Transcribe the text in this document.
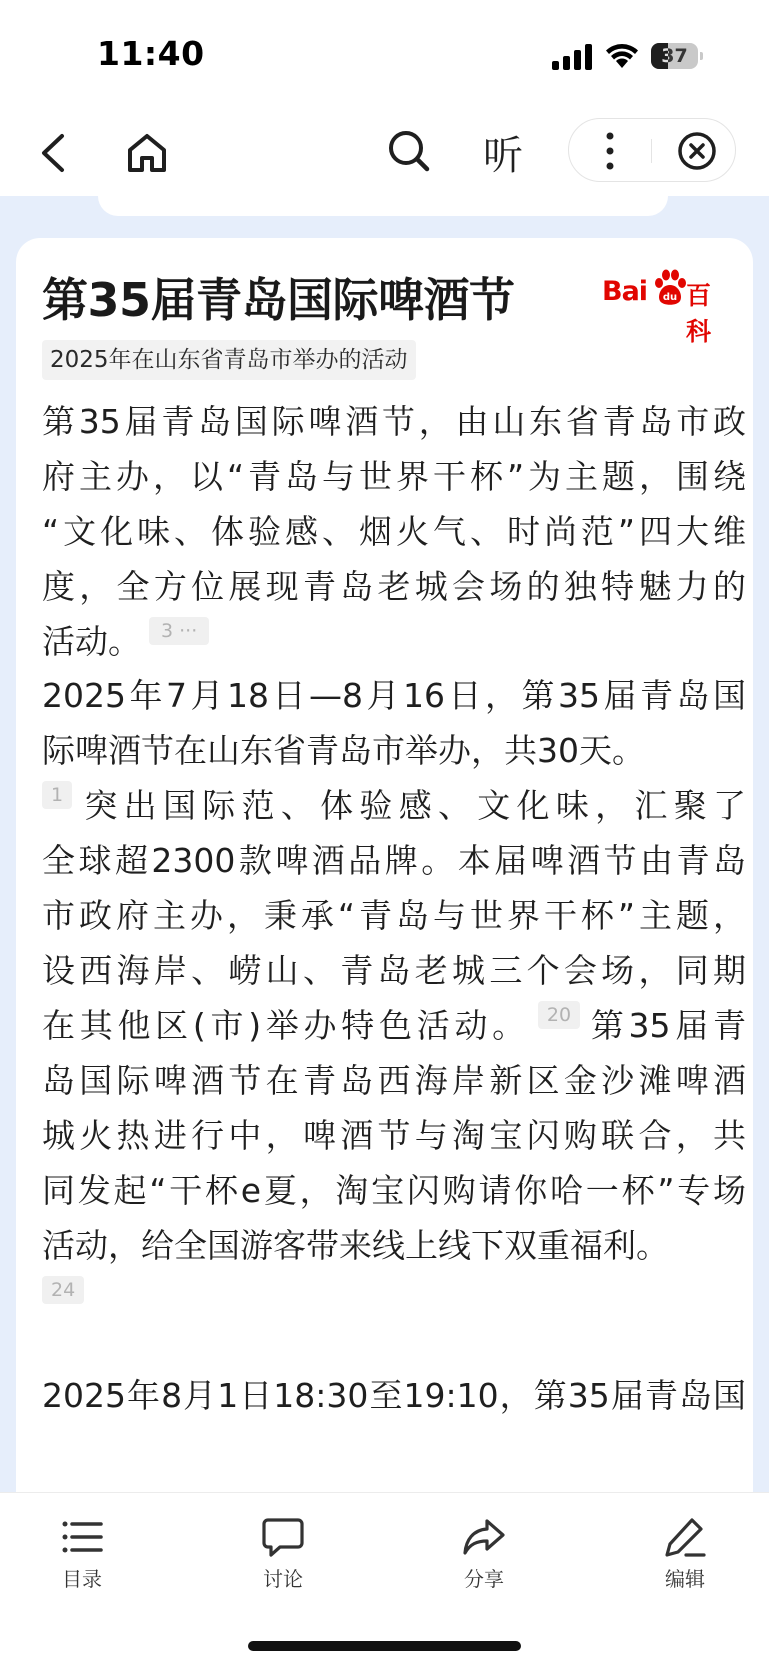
11:40	37
听
第35届青岛国际啤酒节	Bai du 百科
2025年在山东省青岛市举办的活动
第35届青岛国际啤酒节，由山东省青岛市政
府主办，以“青岛与世界干杯”为主题，围绕
“文化味、体验感、烟火气、时尚范”四大维
度，全方位展现青岛老城会场的独特魅力的
活动。 3 ···
2025年7月18日—8月16日，第35届青岛国
际啤酒节在山东省青岛市举办，共30天。
1 突出国际范、体验感、文化味，汇聚了
全球超2300款啤酒品牌。本届啤酒节由青岛
市政府主办，秉承“青岛与世界干杯”主题，
设西海岸、崂山、青岛老城三个会场，同期
在其他区(市)举办特色活动。 20 第35届青
岛国际啤酒节在青岛西海岸新区金沙滩啤酒
城火热进行中，啤酒节与淘宝闪购联合，共
同发起“干杯e夏，淘宝闪购请你哈一杯”专场
活动，给全国游客带来线上线下双重福利。
24
2025年8月1日18:30至19:10，第35届青岛国
目录	讨论	分享	编辑
